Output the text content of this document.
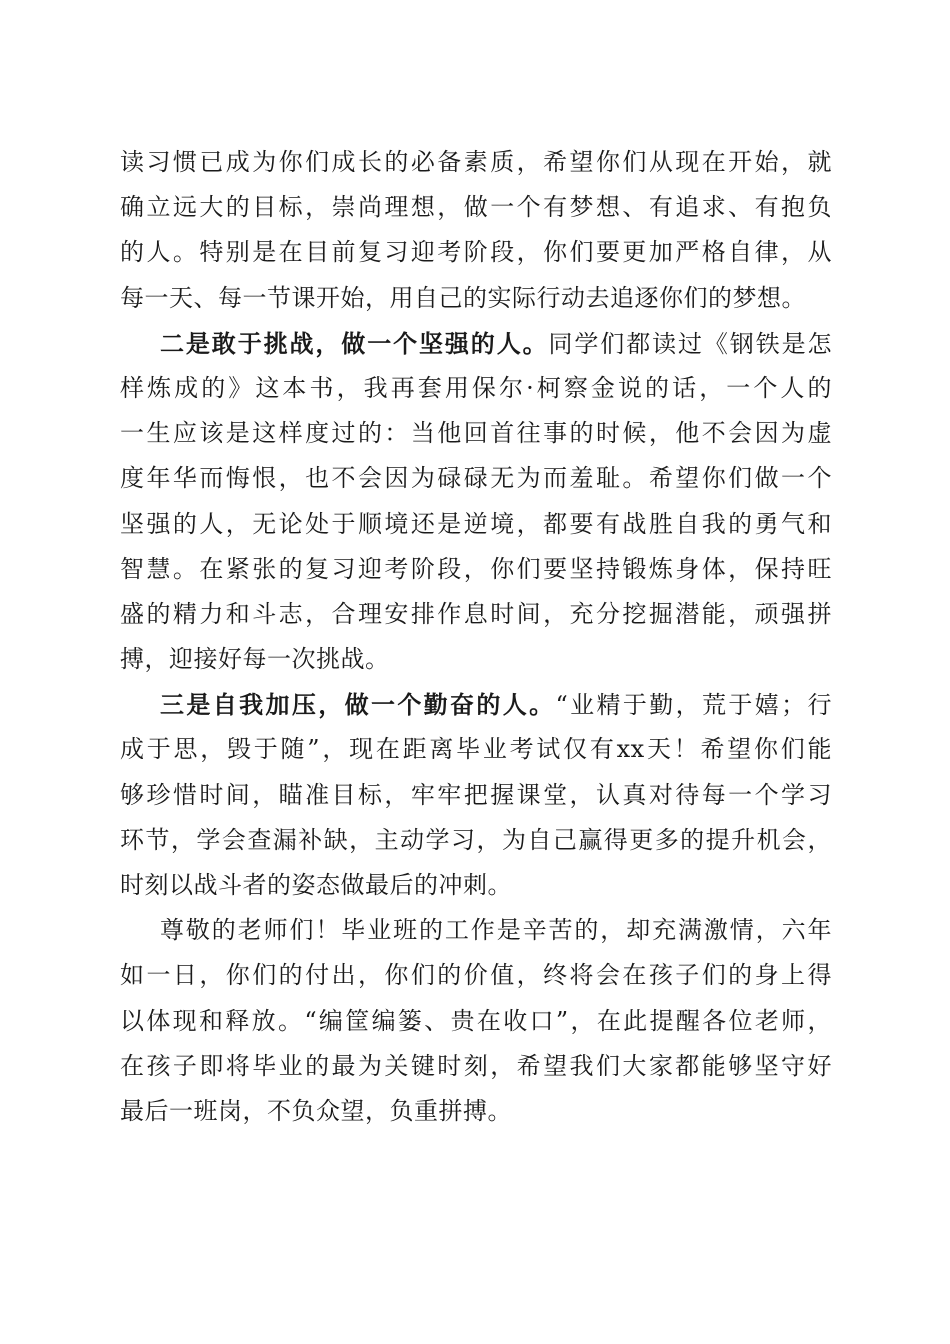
读习惯已成为你们成长的必备素质，希望你们从现在开始，就
确立远大的目标，崇尚理想，做一个有梦想、有追求、有抱负
的人。特别是在目前复习迎考阶段，你们要更加严格自律，从
每一天、每一节课开始，用自己的实际行动去追逐你们的梦想。
二是敢于挑战，做一个坚强的人。同学们都读过《钢铁是怎
样炼成的》这本书，我再套用保尔·柯察金说的话，一个人的
一生应该是这样度过的：当他回首往事的时候，他不会因为虚
度年华而悔恨，也不会因为碌碌无为而羞耻。希望你们做一个
坚强的人，无论处于顺境还是逆境，都要有战胜自我的勇气和
智慧。在紧张的复习迎考阶段，你们要坚持锻炼身体，保持旺
盛的精力和斗志，合理安排作息时间，充分挖掘潜能，顽强拼
搏，迎接好每一次挑战。
三是自我加压，做一个勤奋的人。“业精于勤，荒于嬉；行
成于思，毁于随”，现在距离毕业考试仅有xx天！希望你们能
够珍惜时间，瞄准目标，牢牢把握课堂，认真对待每一个学习
环节，学会查漏补缺，主动学习，为自己赢得更多的提升机会，
时刻以战斗者的姿态做最后的冲刺。
尊敬的老师们！毕业班的工作是辛苦的，却充满激情，六年
如一日，你们的付出，你们的价值，终将会在孩子们的身上得
以体现和释放。“编筐编篓、贵在收口”，在此提醒各位老师，
在孩子即将毕业的最为关键时刻，希望我们大家都能够坚守好
最后一班岗，不负众望，负重拼搏。
